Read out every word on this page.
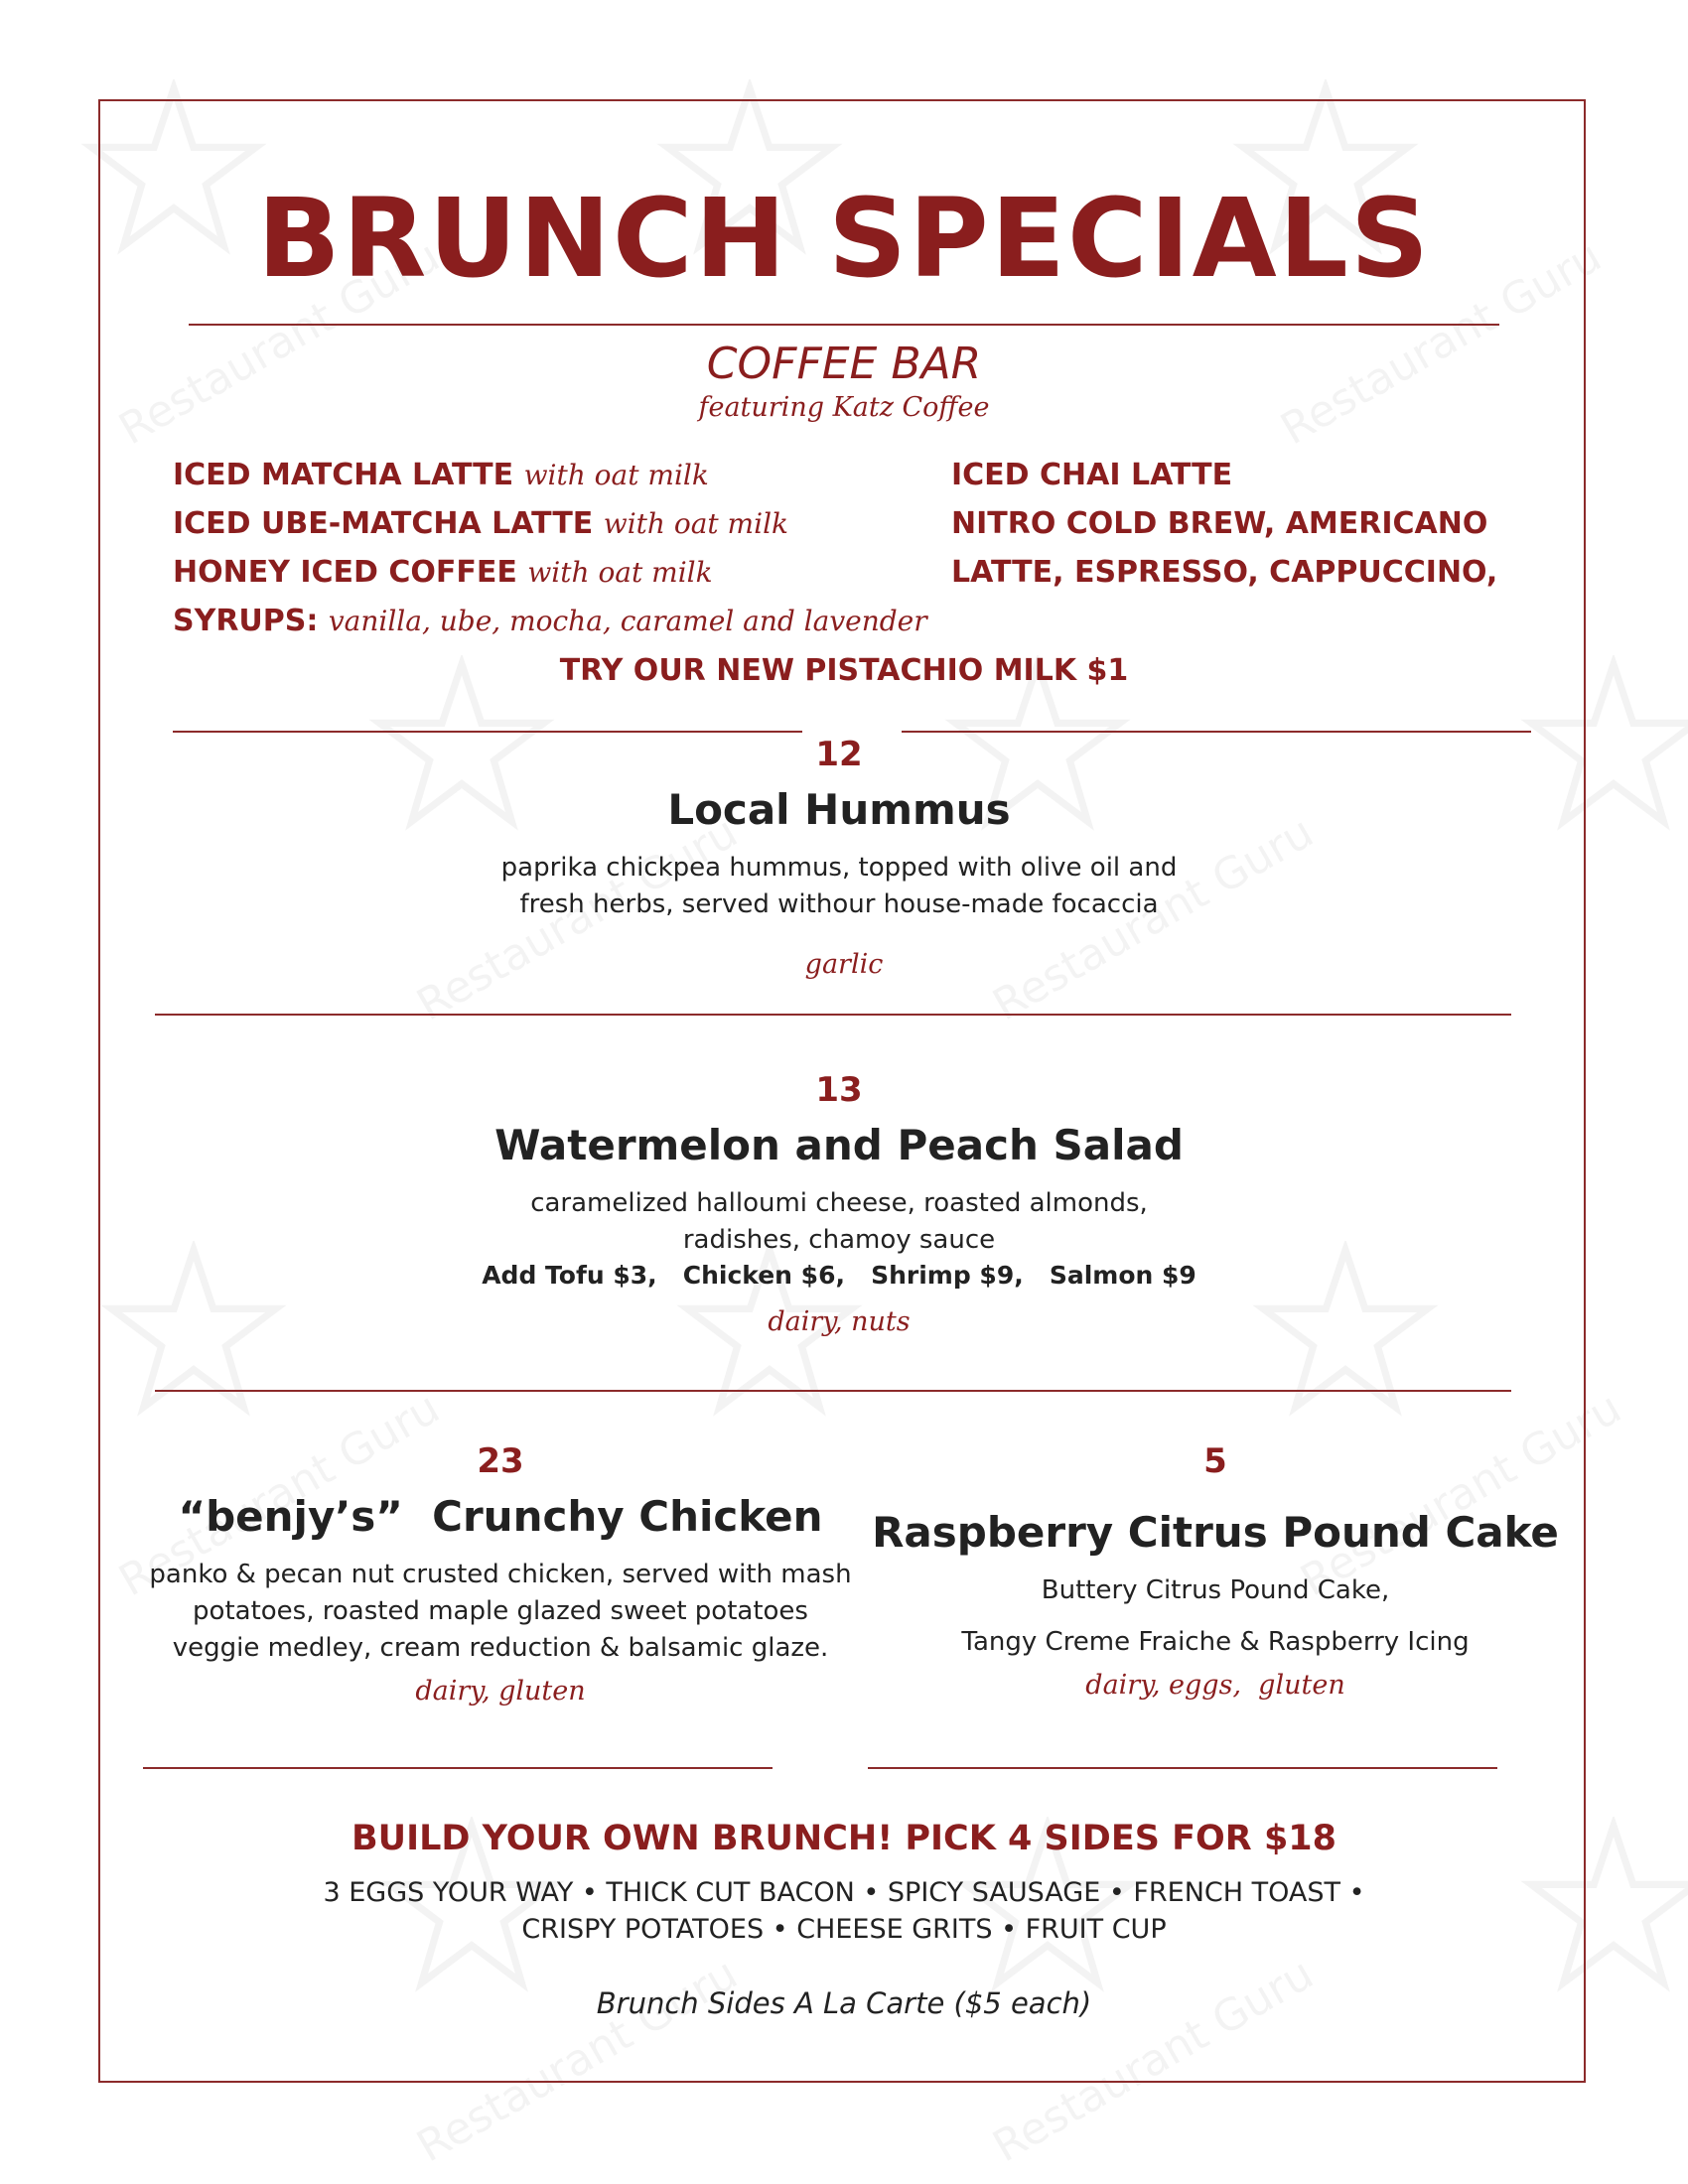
BRUNCH SPECIALS
COFFEE BAR
featuring Katz Coffee
ICED MATCHA LATTE with oat milk
ICED UBE-MATCHA LATTE with oat milk
HONEY ICED COFFEE with oat milk
SYRUPS: vanilla, ube, mocha, caramel and lavender
ICED CHAI LATTE
NITRO COLD BREW, AMERICANO
LATTE, ESPRESSO, CAPPUCCINO,
TRY OUR NEW PISTACHIO MILK $1
12
Local Hummus
paprika chickpea hummus, topped with olive oil and
fresh herbs, served withour house-made focaccia
garlic
13
Watermelon and Peach Salad
caramelized halloumi cheese, roasted almonds,
radishes, chamoy sauce
Add Tofu $3,   Chicken $6,   Shrimp $9,   Salmon $9
dairy, nuts
23
“benjy’s”  Crunchy Chicken
panko & pecan nut crusted chicken, served with mash
potatoes, roasted maple glazed sweet potatoes
veggie medley, cream reduction & balsamic glaze.
dairy, gluten
5
Raspberry Citrus Pound Cake
Buttery Citrus Pound Cake,
Tangy Creme Fraiche & Raspberry Icing
dairy, eggs,  gluten
BUILD YOUR OWN BRUNCH! PICK 4 SIDES FOR $18
3 EGGS YOUR WAY • THICK CUT BACON • SPICY SAUSAGE • FRENCH TOAST •
CRISPY POTATOES • CHEESE GRITS • FRUIT CUP
Brunch Sides A La Carte ($5 each)
